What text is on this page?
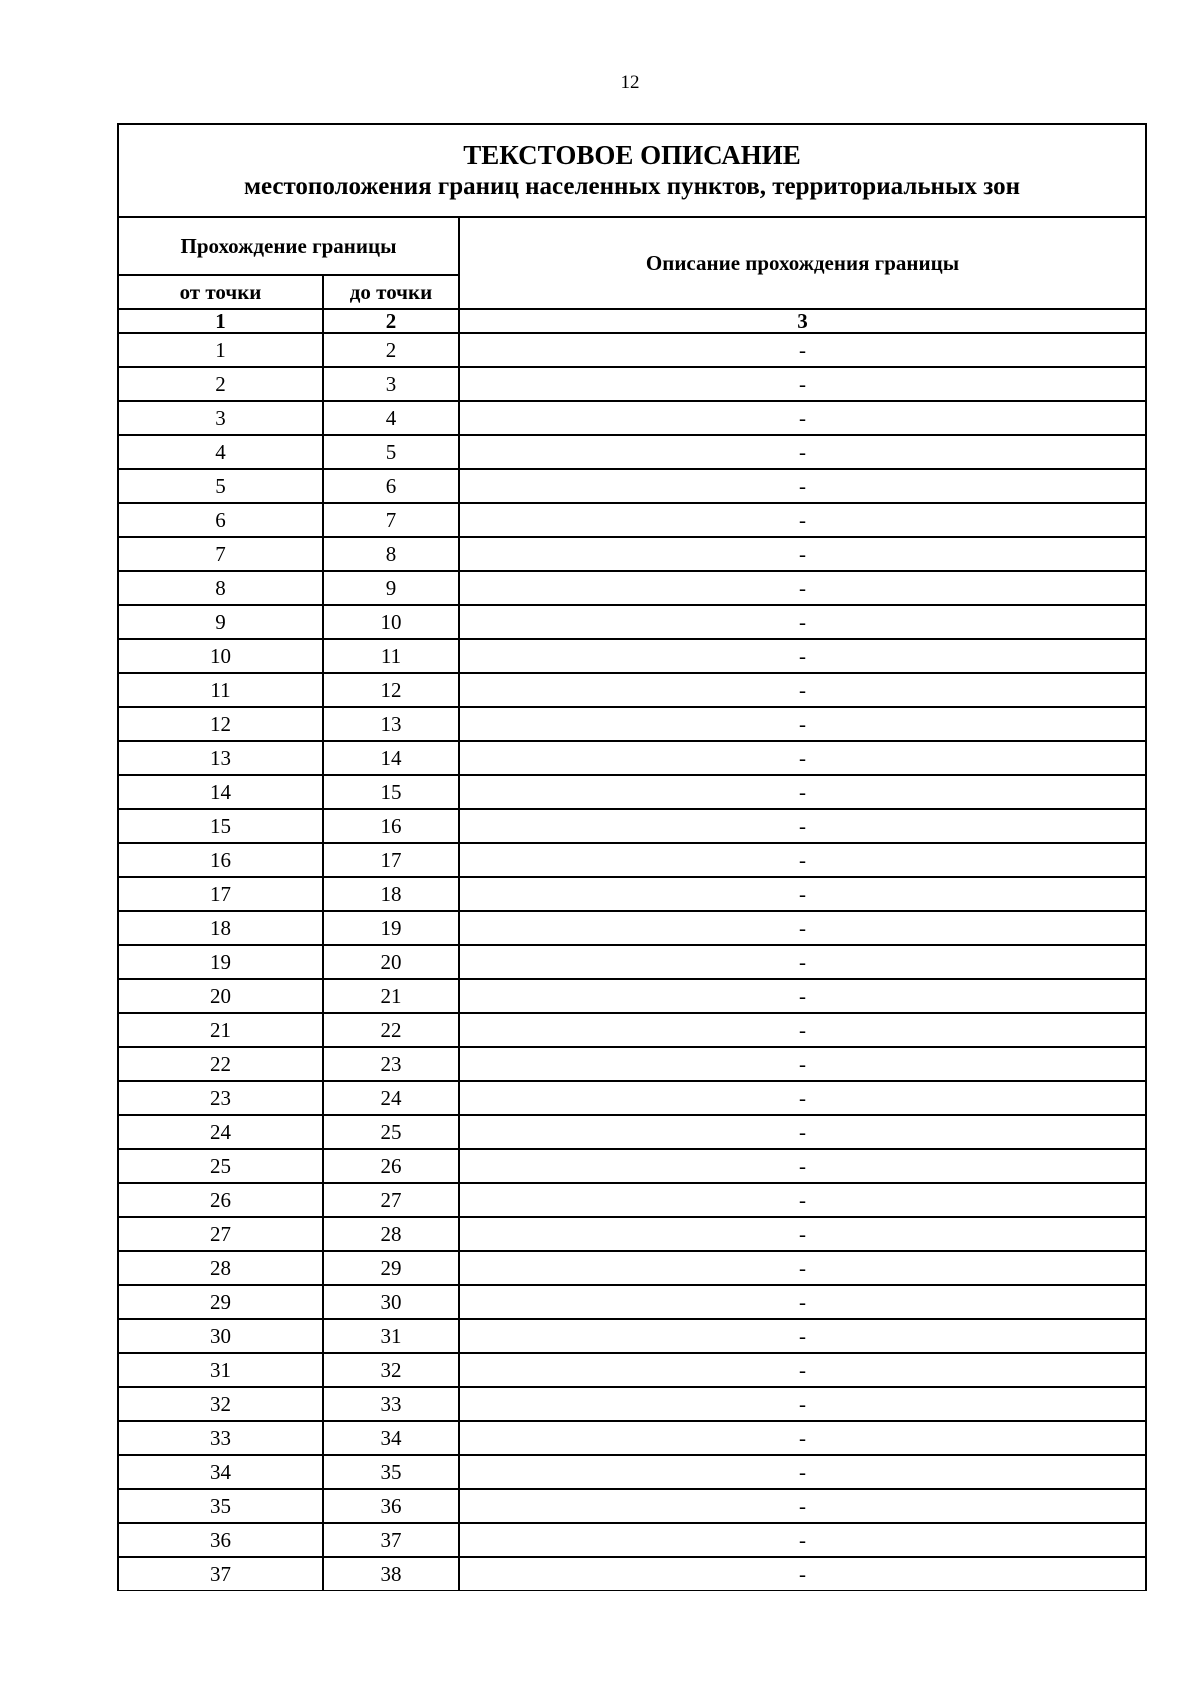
12
ТЕКСТОВОЕ ОПИСАНИЕ
местоположения границ населенных пунктов, территориальных зон		

Прохождение границы		Описание прохождения границы
от точки	до точки	
1	2	3
1	2	-
2	3	-
3	4	-
4	5	-
5	6	-
6	7	-
7	8	-
8	9	-
9	10	-
10	11	-
11	12	-
12	13	-
13	14	-
14	15	-
15	16	-
16	17	-
17	18	-
18	19	-
19	20	-
20	21	-
21	22	-
22	23	-
23	24	-
24	25	-
25	26	-
26	27	-
27	28	-
28	29	-
29	30	-
30	31	-
31	32	-
32	33	-
33	34	-
34	35	-
35	36	-
36	37	-
37	38	-
